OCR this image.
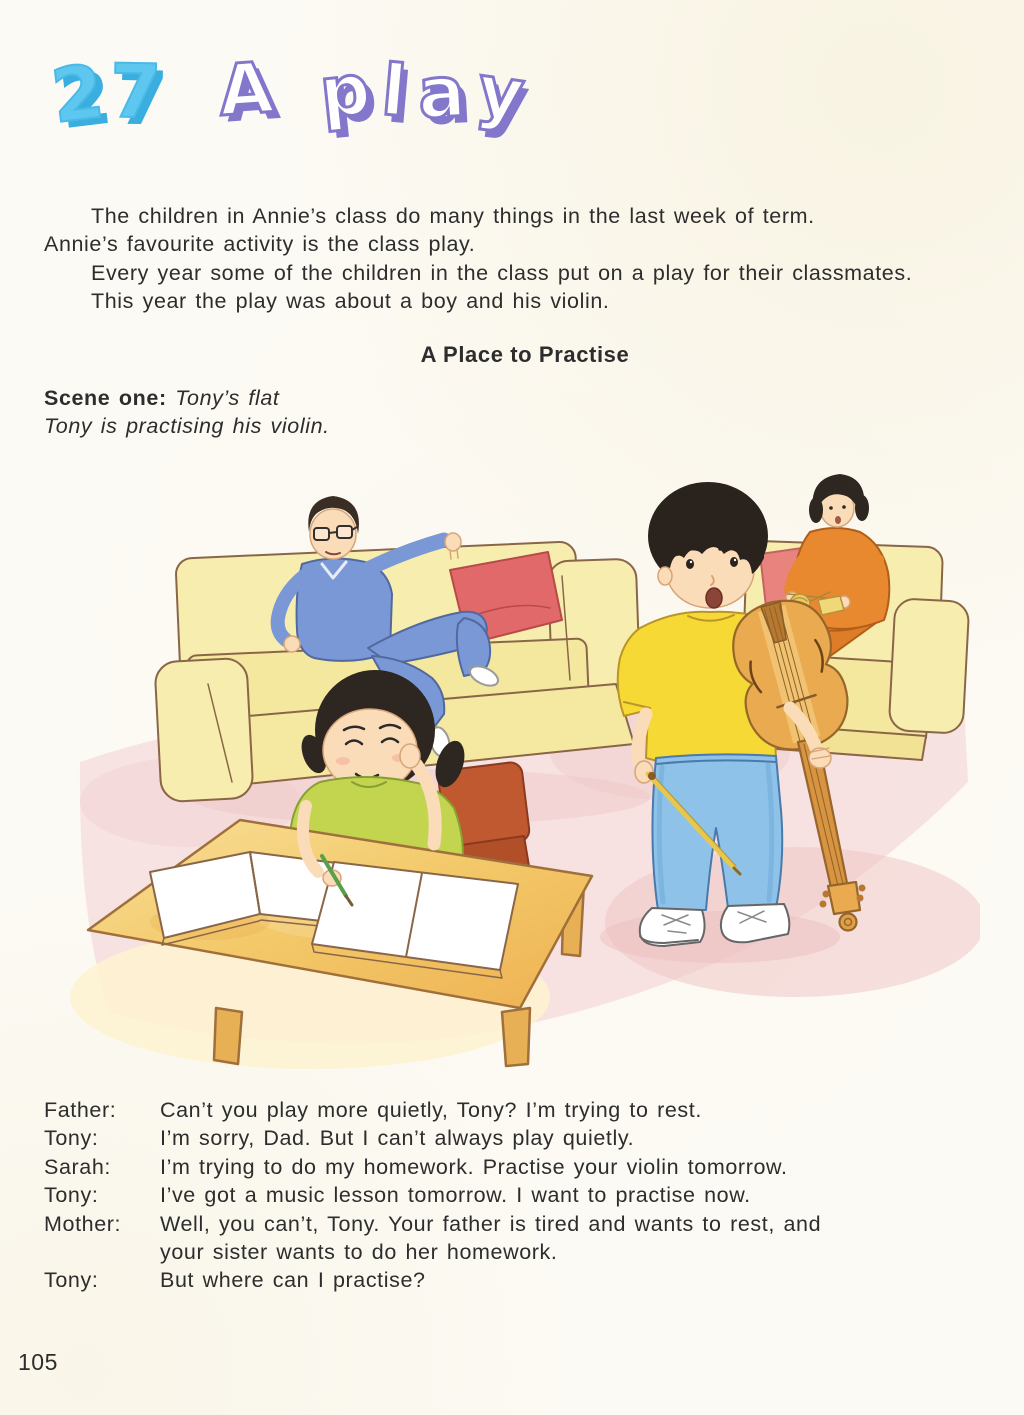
27 A play

The children in Annie’s class do many things in the last week of term.

Annie’s favourite activity is the class play.

Every year some of the children in the class put on a play for their classmates.

This year the play was about a boy and his violin.

A Place to Practise
Scene one: Tony’s flat
Tony is practising his violin.
Father:	Can’t you play more quietly, Tony? I’m trying to rest.
Tony:	I’m sorry, Dad. But I can’t always play quietly.
Sarah:	I’m trying to do my homework. Practise your violin tomorrow.
Tony:	I’ve got a music lesson tomorrow. I want to practise now.
Mother:	Well, you can’t, Tony. Your father is tired and wants to rest, and
your sister wants to do her homework.
Tony:	But where can I practise?
105
